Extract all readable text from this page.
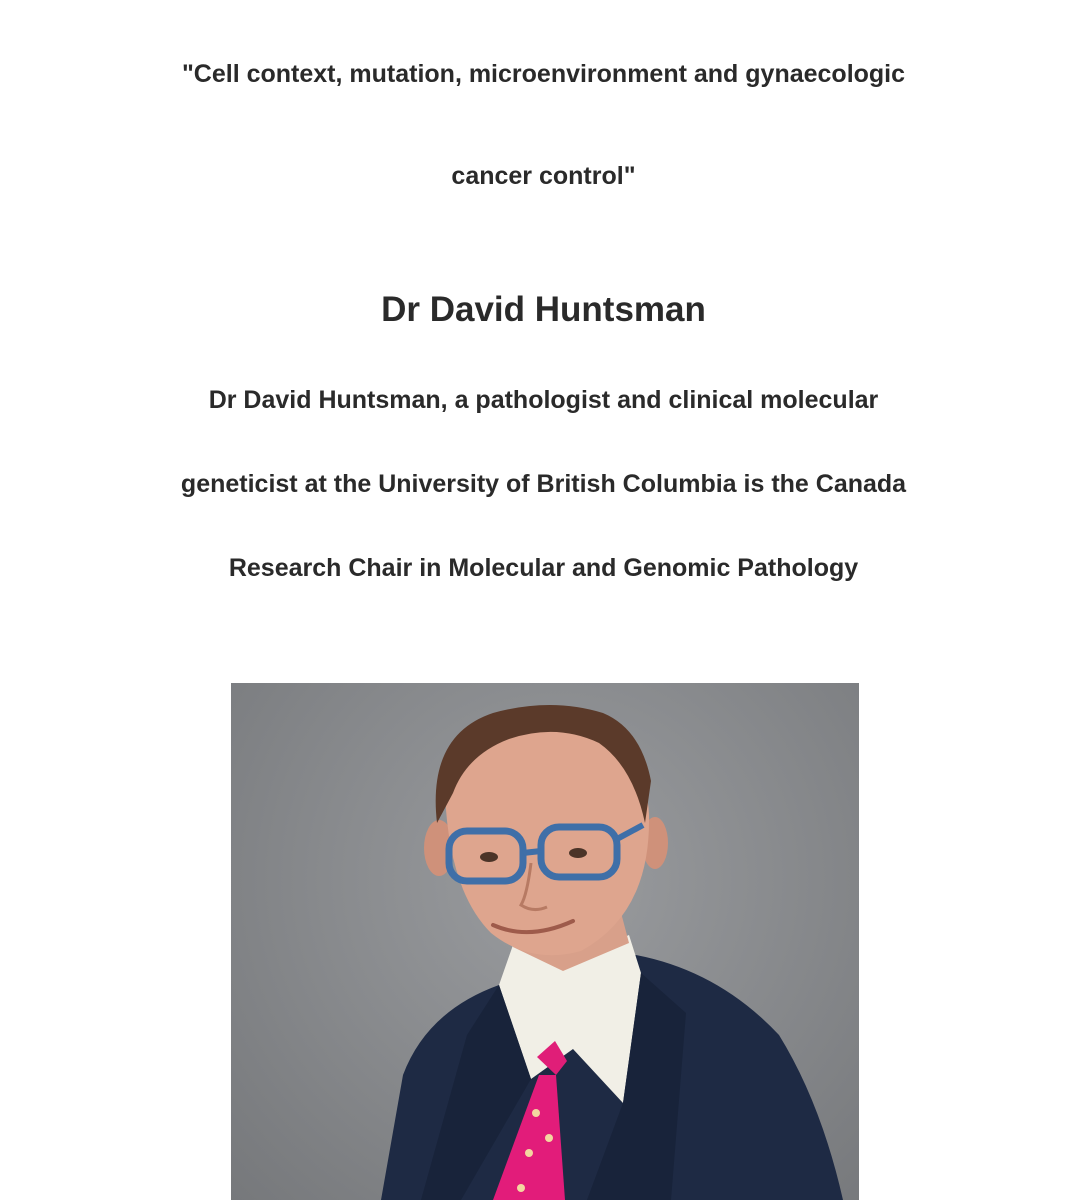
"Cell context, mutation, microenvironment and gynaecologic
cancer control"
Dr David Huntsman
Dr David Huntsman, a pathologist and clinical molecular
geneticist at the University of British Columbia is the Canada
Research Chair in Molecular and Genomic Pathology
